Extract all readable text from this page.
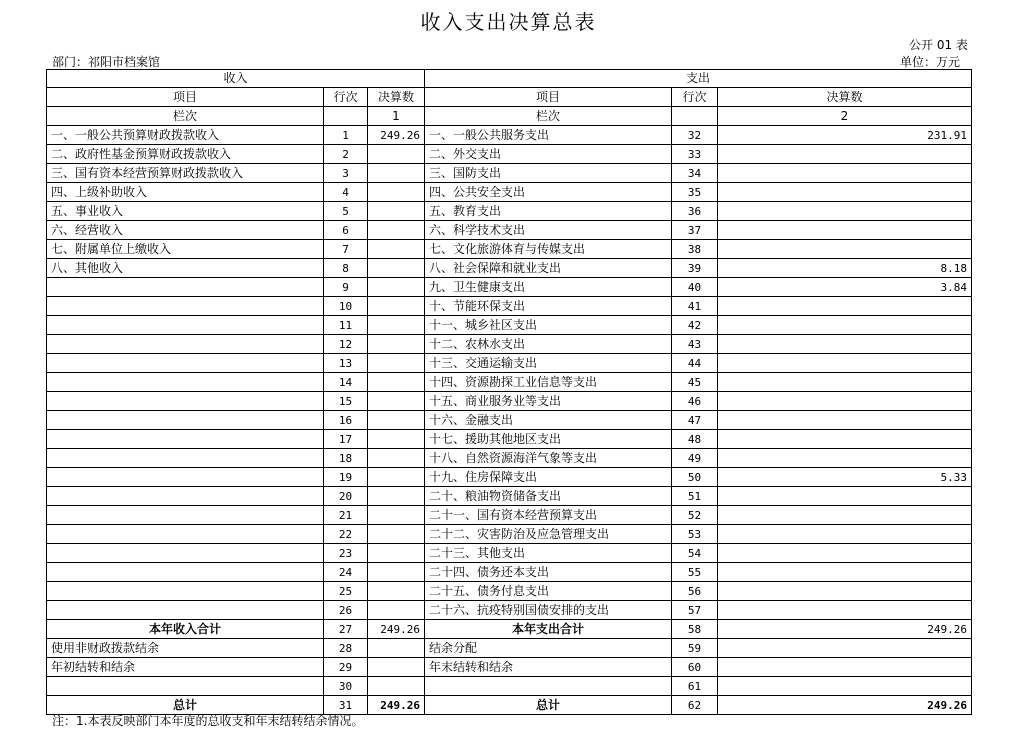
收入支出决算总表
公开 01 表
部门：祁阳市档案馆	单位：万元
收入			支出		
项目	行次	决算数	项目	行次	决算数
栏次		1	栏次		2
一、一般公共预算财政拨款收入	1	249.26	一、一般公共服务支出	32	231.91
二、政府性基金预算财政拨款收入	2		二、外交支出	33	
三、国有资本经营预算财政拨款收入	3		三、国防支出	34	
四、上级补助收入	4		四、公共安全支出	35	
五、事业收入	5		五、教育支出	36	
六、经营收入	6		六、科学技术支出	37	
七、附属单位上缴收入	7		七、文化旅游体育与传媒支出	38	
八、其他收入	8		八、社会保障和就业支出	39	8.18
	9		九、卫生健康支出	40	3.84
	10		十、节能环保支出	41	
	11		十一、城乡社区支出	42	
	12		十二、农林水支出	43	
	13		十三、交通运输支出	44	
	14		十四、资源勘探工业信息等支出	45	
	15		十五、商业服务业等支出	46	
	16		十六、金融支出	47	
	17		十七、援助其他地区支出	48	
	18		十八、自然资源海洋气象等支出	49	
	19		十九、住房保障支出	50	5.33
	20		二十、粮油物资储备支出	51	
	21		二十一、国有资本经营预算支出	52	
	22		二十二、灾害防治及应急管理支出	53	
	23		二十三、其他支出	54	
	24		二十四、债务还本支出	55	
	25		二十五、债务付息支出	56	
	26		二十六、抗疫特别国债安排的支出	57	
本年收入合计	27	249.26	本年支出合计	58	249.26
使用非财政拨款结余	28		结余分配	59	
年初结转和结余	29		年末结转和结余	60	
	30			61	
总计	31	249.26	总计	62	249.26
注：1.本表反映部门本年度的总收支和年末结转结余情况。
